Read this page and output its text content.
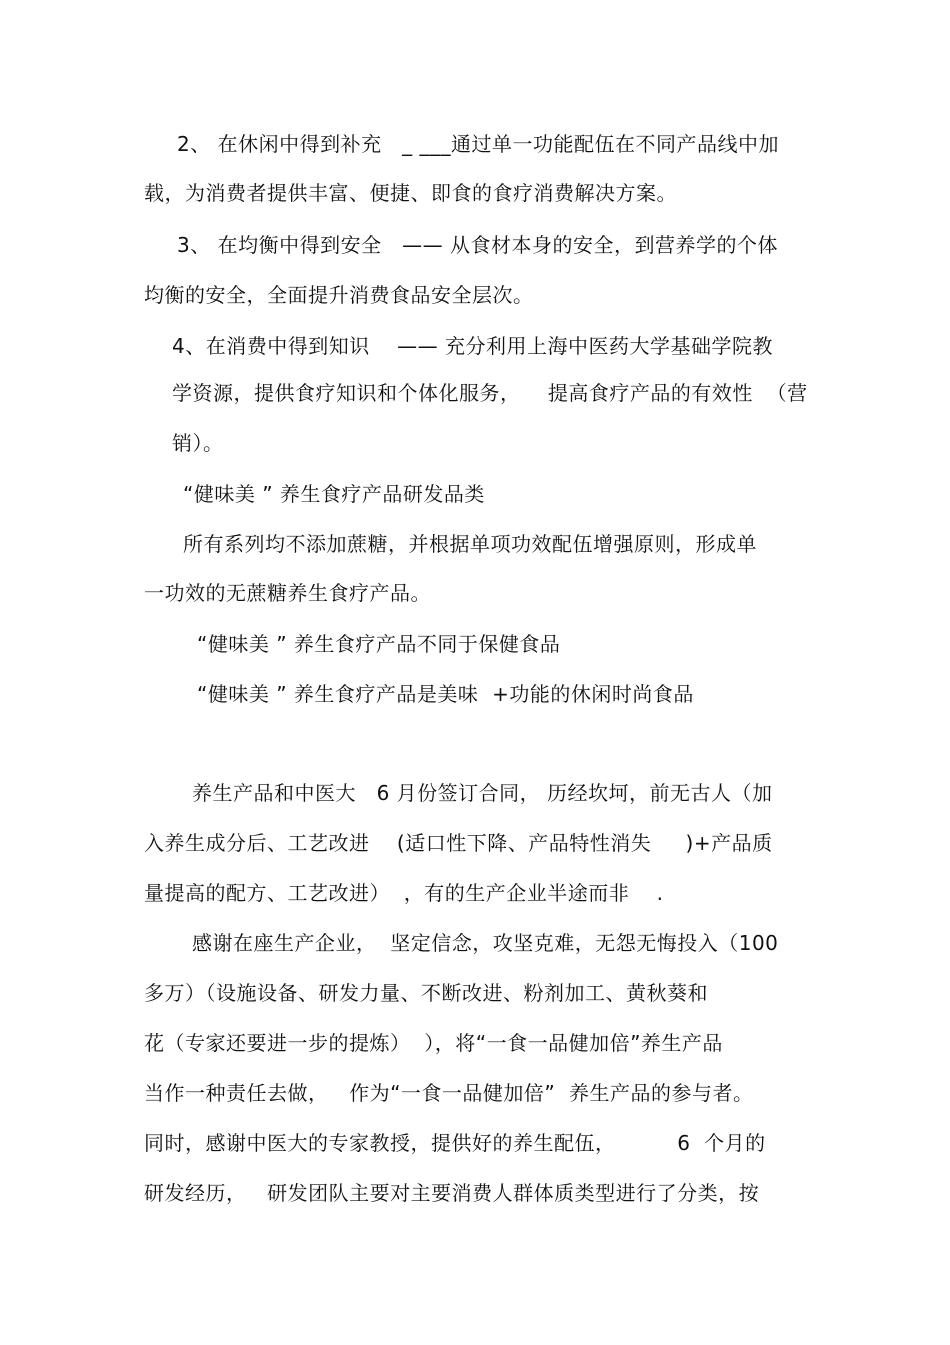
2、 在休闲中得到补充   _ ___通过单一功能配伍在不同产品线中加
载，为消费者提供丰富、便捷、即食的食疗消费解决方案。
3、 在均衡中得到安全   —— 从食材本身的安全，到营养学的个体
均衡的安全，全面提升消费食品安全层次。
4、在消费中得到知识    —— 充分利用上海中医药大学基础学院教
学资源，提供食疗知识和个体化服务，    提高食疗产品的有效性  （营
销）。
“健味美 ” 养生食疗产品研发品类
所有系列均不添加蔗糖，并根据单项功效配伍增强原则，形成单
一功效的无蔗糖养生食疗产品。
“健味美 ” 养生食疗产品不同于保健食品
“健味美 ” 养生食疗产品是美味  +功能的休闲时尚食品
养生产品和中医大   6 月份签订合同， 历经坎坷，前无古人（加
入养生成分后、工艺改进    (适口性下降、产品特性消失     )+产品质
量提高的配方、工艺改进）  ，有的生产企业半途而非    .
感谢在座生产企业，  坚定信念，攻坚克难，无怨无悔投入（100
多万）（设施设备、研发力量、不断改进、粉剂加工、黄秋葵和
花（专家还要进一步的提炼）  ），将“一食一品健加倍”养生产品
当作一种责任去做，   作为“一食一品健加倍”  养生产品的参与者。
同时，感谢中医大的专家教授，提供好的养生配伍，         6  个月的
研发经历，   研发团队主要对主要消费人群体质类型进行了分类，按
